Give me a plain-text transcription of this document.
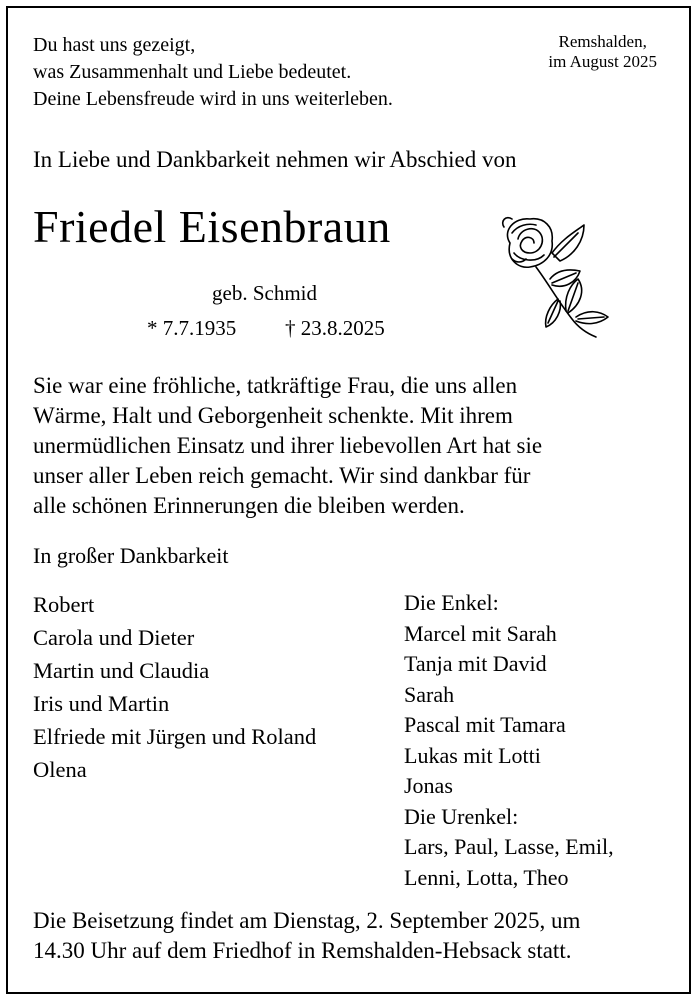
Du hast uns gezeigt,
was Zusammenhalt und Liebe bedeutet.
Deine Lebensfreude wird in uns weiterleben.
Remshalden,
im August 2025
In Liebe und Dankbarkeit nehmen wir Abschied von
Friedel Eisenbraun
geb. Schmid
* 7.7.1935 † 23.8.2025
Sie war eine fröhliche, tatkräftige Frau, die uns allen
Wärme, Halt und Geborgenheit schenkte. Mit ihrem
unermüdlichen Einsatz und ihrer liebevollen Art hat sie
unser aller Leben reich gemacht. Wir sind dankbar für
alle schönen Erinnerungen die bleiben werden.
In großer Dankbarkeit
Robert
Carola und Dieter
Martin und Claudia
Iris und Martin
Elfriede mit Jürgen und Roland
Olena
Die Enkel:
Marcel mit Sarah
Tanja mit David
Sarah
Pascal mit Tamara
Lukas mit Lotti
Jonas
Die Urenkel:
Lars, Paul, Lasse, Emil,
Lenni, Lotta, Theo
Die Beisetzung findet am Dienstag, 2. September 2025, um
14.30 Uhr auf dem Friedhof in Remshalden-Hebsack statt.
